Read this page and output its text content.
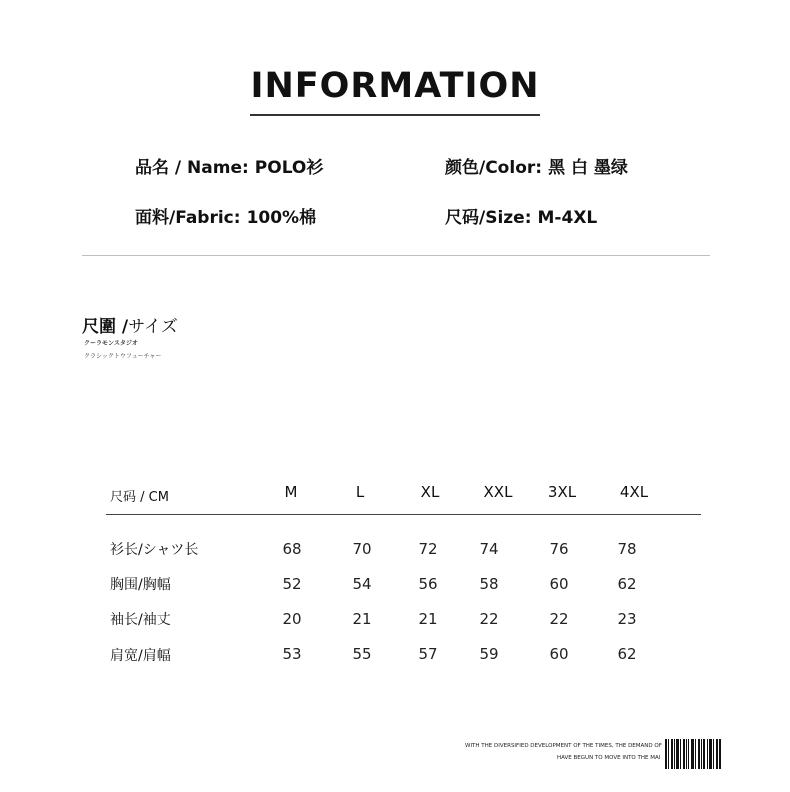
INFORMATION
品名 / Name: POLO衫	颜色/Color: 黑 白 墨绿
面料/Fabric: 100%棉	尺码/Size: M-4XL
尺圍 /サイズ
クーラモンスタジオ
クラシックトウフューチャー
尺码 / CM	M	L	XL	XXL	3XL	4XL
衫长/シャツ长	68	70	72	74	76	78
胸围/胸幅	52	54	56	58	60	62
袖长/袖丈	20	21	21	22	22	23
肩宽/肩幅	53	55	57	59	60	62
WITH THE DIVERSIFIED DEVELOPMENT OF THE TIMES, THE DEMAND OF
HAVE BEGUN TO MOVE INTO THE MAI
